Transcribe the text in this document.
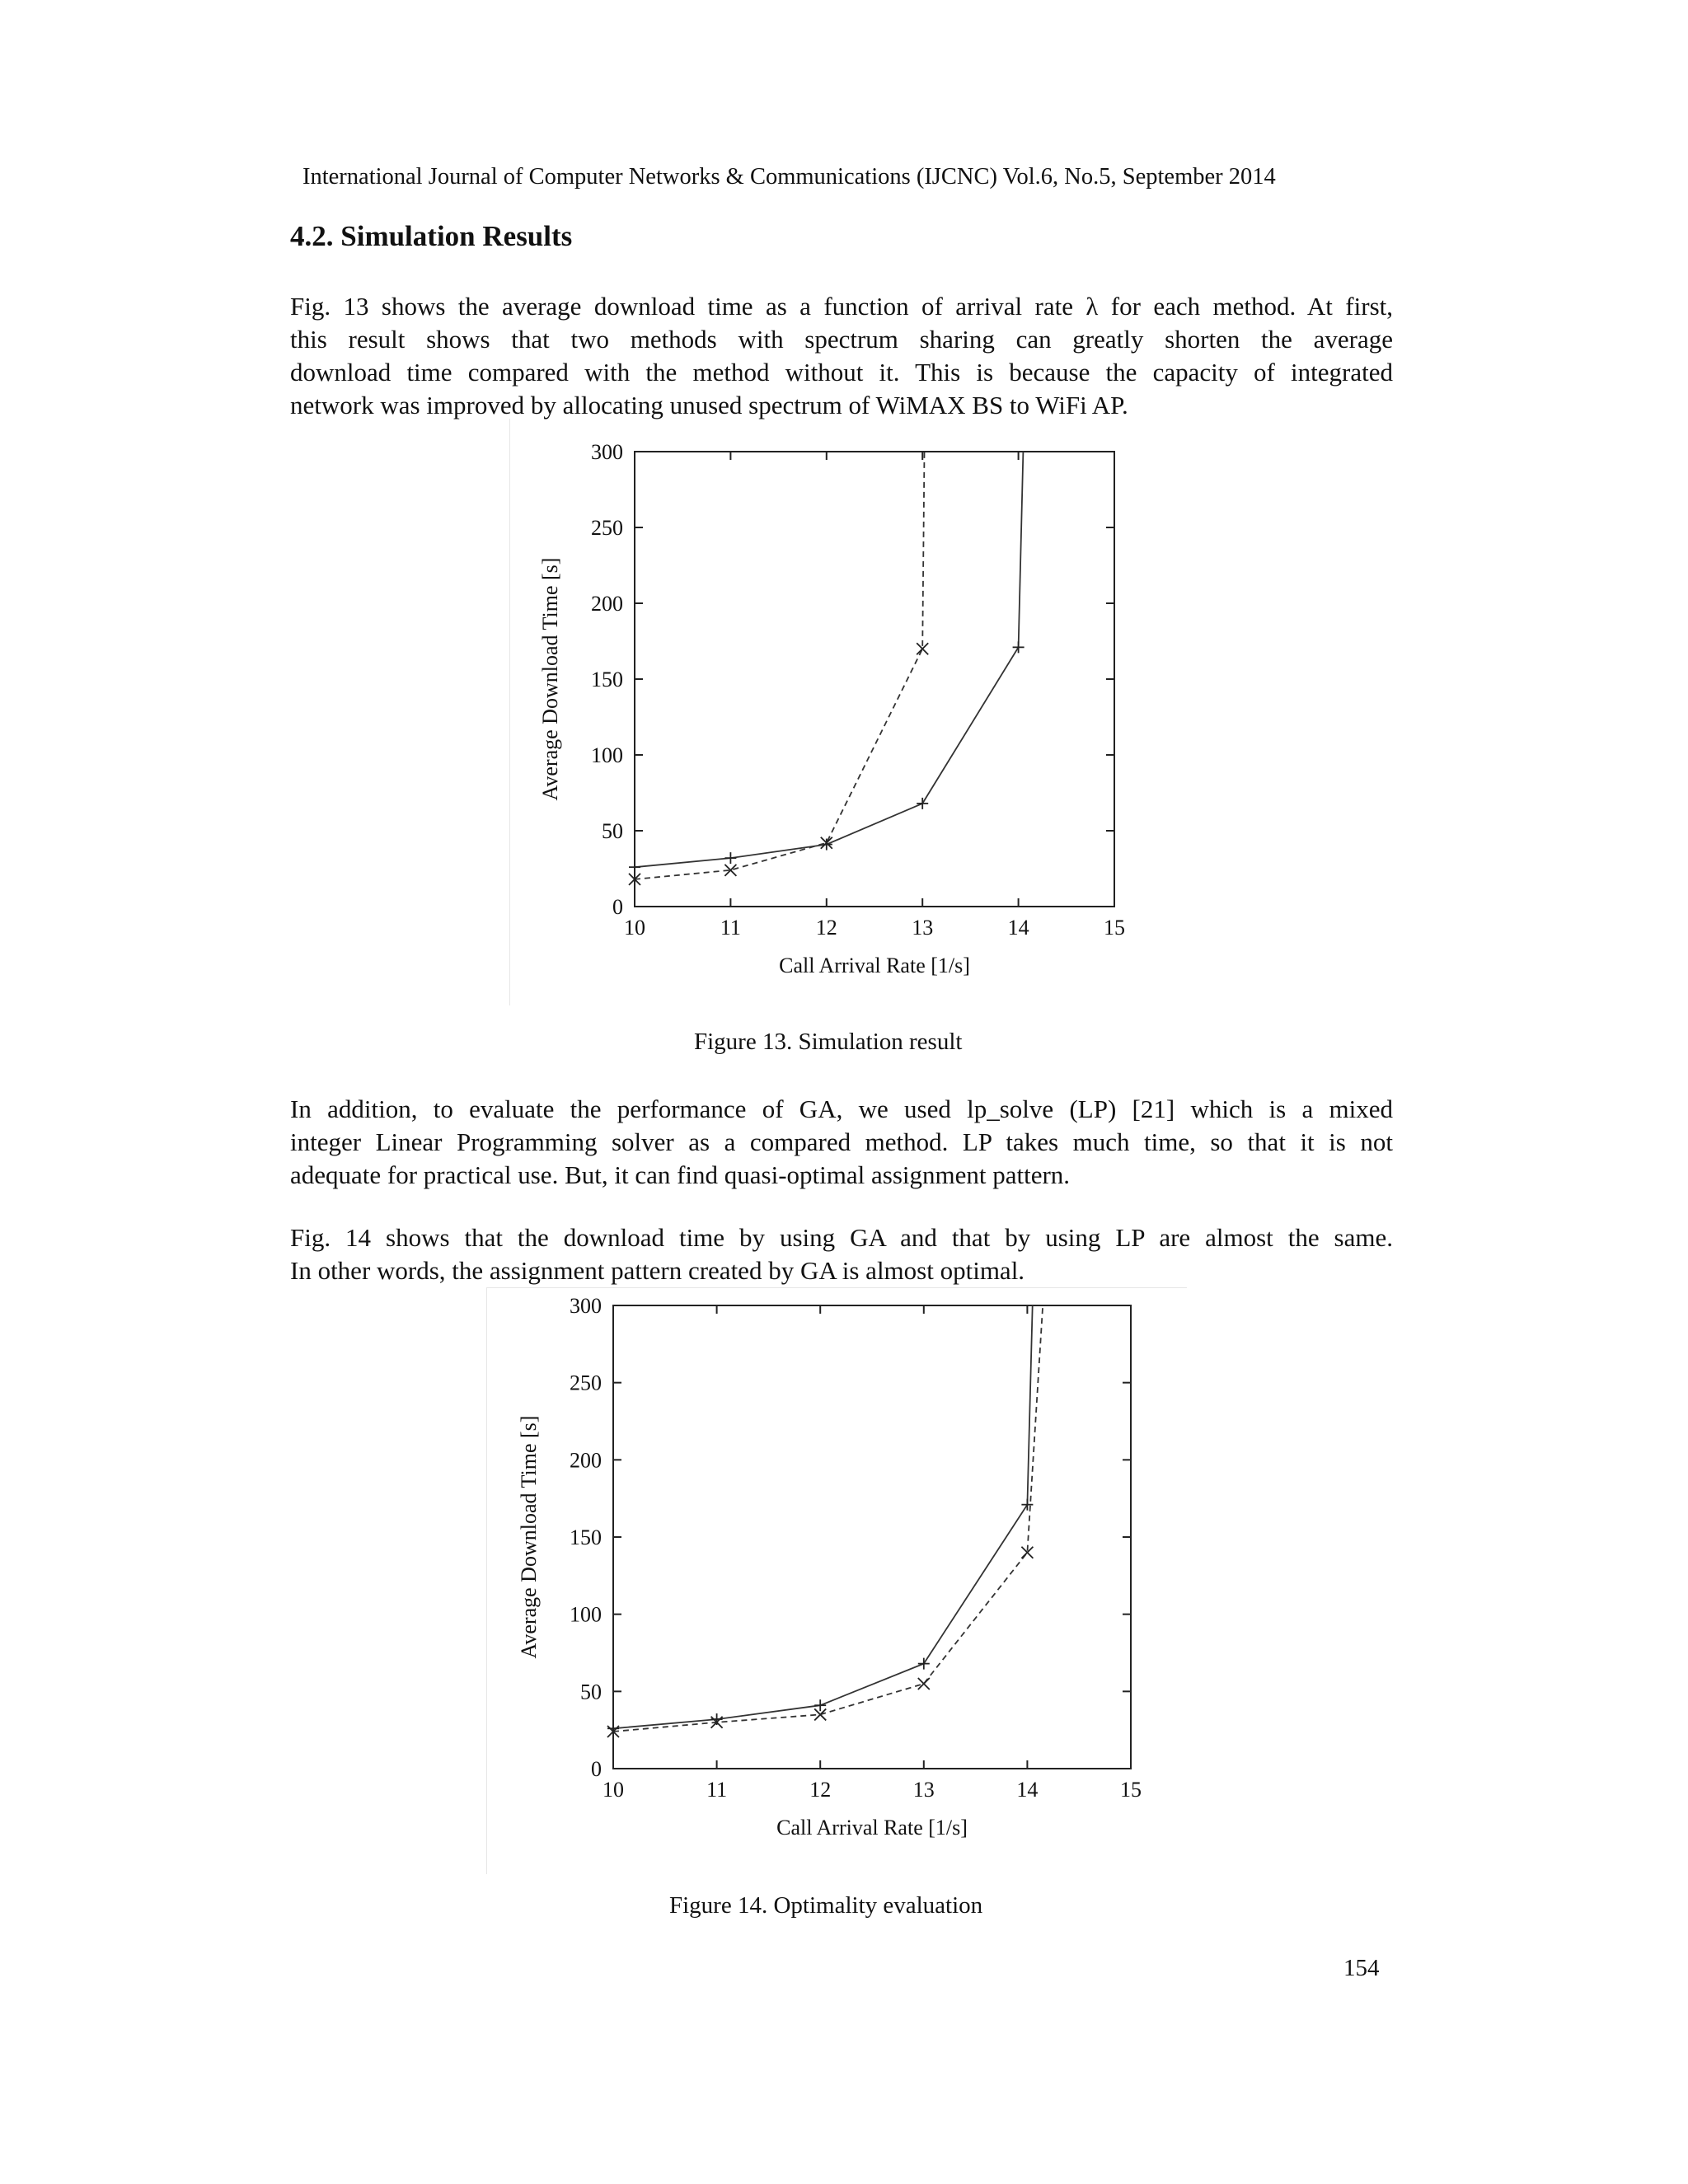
International Journal of Computer Networks & Communications (IJCNC) Vol.6, No.5, September 2014
4.2. Simulation Results
Fig. 13 shows the average download time as a function of arrival rate λ for each method. At first,
this result shows that two methods with spectrum sharing can greatly shorten the average
download time compared with the method without it. This is because the capacity of integrated
network was improved by allocating unused spectrum of WiMAX BS to WiFi AP.
0
50
100
150
200
250
300
10	11	12	13	14	15
Call Arrival Rate [1/s]
Average Download Time [s]
Figure 13. Simulation result
In addition, to evaluate the performance of GA, we used lp_solve (LP) [21] which is a mixed
integer Linear Programming solver as a compared method. LP takes much time, so that it is not
adequate for practical use. But, it can find quasi-optimal assignment pattern.
Fig. 14 shows that the download time by using GA and that by using LP are almost the same.
In other words, the assignment pattern created by GA is almost optimal.
0
50
100
150
200
250
300
10	11	12	13	14	15
Call Arrival Rate [1/s]
Average Download Time [s]
Figure 14. Optimality evaluation
154
